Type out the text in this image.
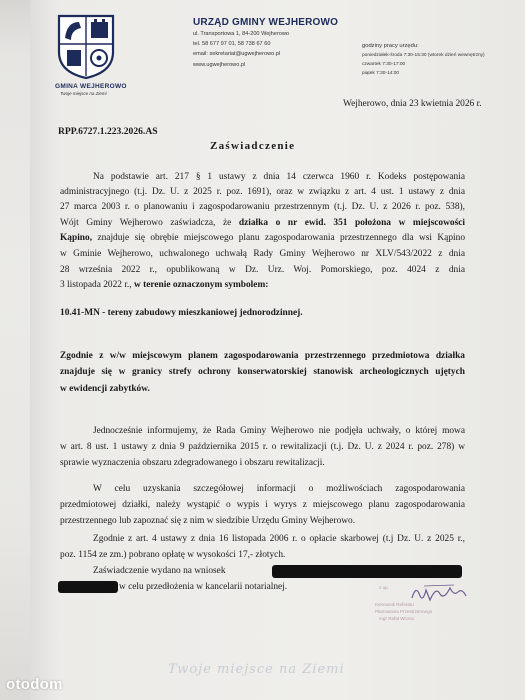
GMINA WEJHEROWO
Twoje miejsce na Ziemi
URZĄD GMINY WEJHEROWO
ul. Transportowa 1, 84-200 Wejherowo
tel. 58 677 97 01, 58 738 67 60
email: sekretariat@ugwejherowo.pl
www.ugwejherowo.pl
godziny pracy urzędu:
poniedziałek-środa 7:30-15:30 (wtorek dzień wewnętrzny)
czwartek 7:30-17:00
piątek 7:30-14:00
Wejherowo, dnia 23 kwietnia 2026 r.
RPP.6727.1.223.2026.AS
Zaświadczenie
Na podstawie art. 217 § 1 ustawy z dnia 14 czerwca 1960 r. Kodeks postępowania
administracyjnego (t.j. Dz. U. z 2025 r. poz. 1691), oraz w związku z art. 4 ust. 1 ustawy z dnia
27 marca 2003 r. o planowaniu i zagospodarowaniu przestrzennym (t.j. Dz. U. z 2026 r. poz. 538),
Wójt Gminy Wejherowo zaświadcza, że działka o nr ewid. 351 położona w miejscowości
Kąpino, znajduje się obrębie miejscowego planu zagospodarowania przestrzennego dla wsi Kąpino
w Gminie Wejherowo, uchwalonego uchwałą Rady Gminy Wejherowo nr XLV/543/2022 z dnia
28 września 2022 r., opublikowaną w Dz. Urz. Woj. Pomorskiego, poz. 4024 z dnia
3 listopada 2022 r., w terenie oznaczonym symbolem:
10.41-MN - tereny zabudowy mieszkaniowej jednorodzinnej.
Zgodnie z w/w miejscowym planem zagospodarowania przestrzennego przedmiotowa działka
znajduje się w granicy strefy ochrony konserwatorskiej stanowisk archeologicznych ujętych
w ewidencji zabytków.
Jednocześnie informujemy, że Rada Gminy Wejherowo nie podjęła uchwały, o której mowa
w art. 8 ust. 1 ustawy z dnia 9 października 2015 r. o rewitalizacji (t.j. Dz. U. z 2024 r. poz. 278) w
sprawie wyznaczenia obszaru zdegradowanego i obszaru rewitalizacji.
W celu uzyskania szczegółowej informacji o możliwościach zagospodarowania
przedmiotowej działki, należy wystąpić o wypis i wyrys z miejscowego planu zagospodarowania
przestrzennego lub zapoznać się z nim w siedzibie Urzędu Gminy Wejherowo.
Zgodnie z art. 4 ustawy z dnia 16 listopada 2006 r. o opłacie skarbowej (t.j Dz. U. z 2025 r.,
poz. 1154 ze zm.) pobrano opłatę w wysokości 17,- złotych.
Zaświadczenie wydano na wniosek
w celu przedłożenia w kancelarii notarialnej.	z up.
Kierownik Referatu
Planowania Przestrzennego
mgr Rafał Wrona
Twoje miejsce na Ziemi
otodom
